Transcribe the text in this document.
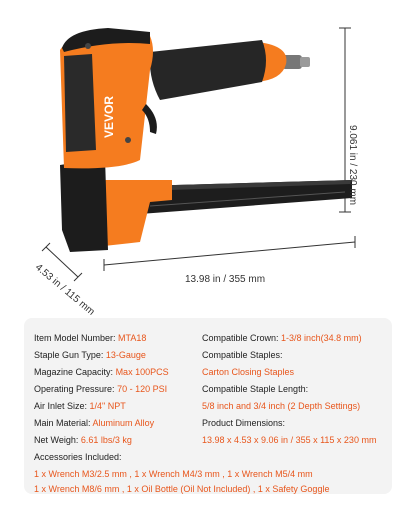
VEVOR
9.061 in / 230 mm
13.98 in / 355 mm
4.53 in / 115 mm
Item Model Number: MTA18
Staple Gun Type: 13-Gauge
Magazine Capacity: Max 100PCS
Operating Pressure: 70 - 120 PSI
Air Inlet Size: 1/4" NPT
Main Material: Aluminum Alloy
Net Weigh: 6.61 lbs/3 kg
Accessories Included:
1 x Wrench M3/2.5 mm , 1 x Wrench M4/3 mm , 1 x Wrench M5/4 mm
1 x Wrench M8/6 mm , 1 x Oil Bottle (Oil Not Included) , 1 x Safety Goggle
Compatible Crown: 1-3/8 inch(34.8 mm)
Compatible Staples:
Carton Closing Staples
Compatible Staple Length:
5/8 inch and 3/4 inch (2 Depth Settings)
Product Dimensions:
13.98 x 4.53 x 9.06 in / 355 x 115 x 230 mm
